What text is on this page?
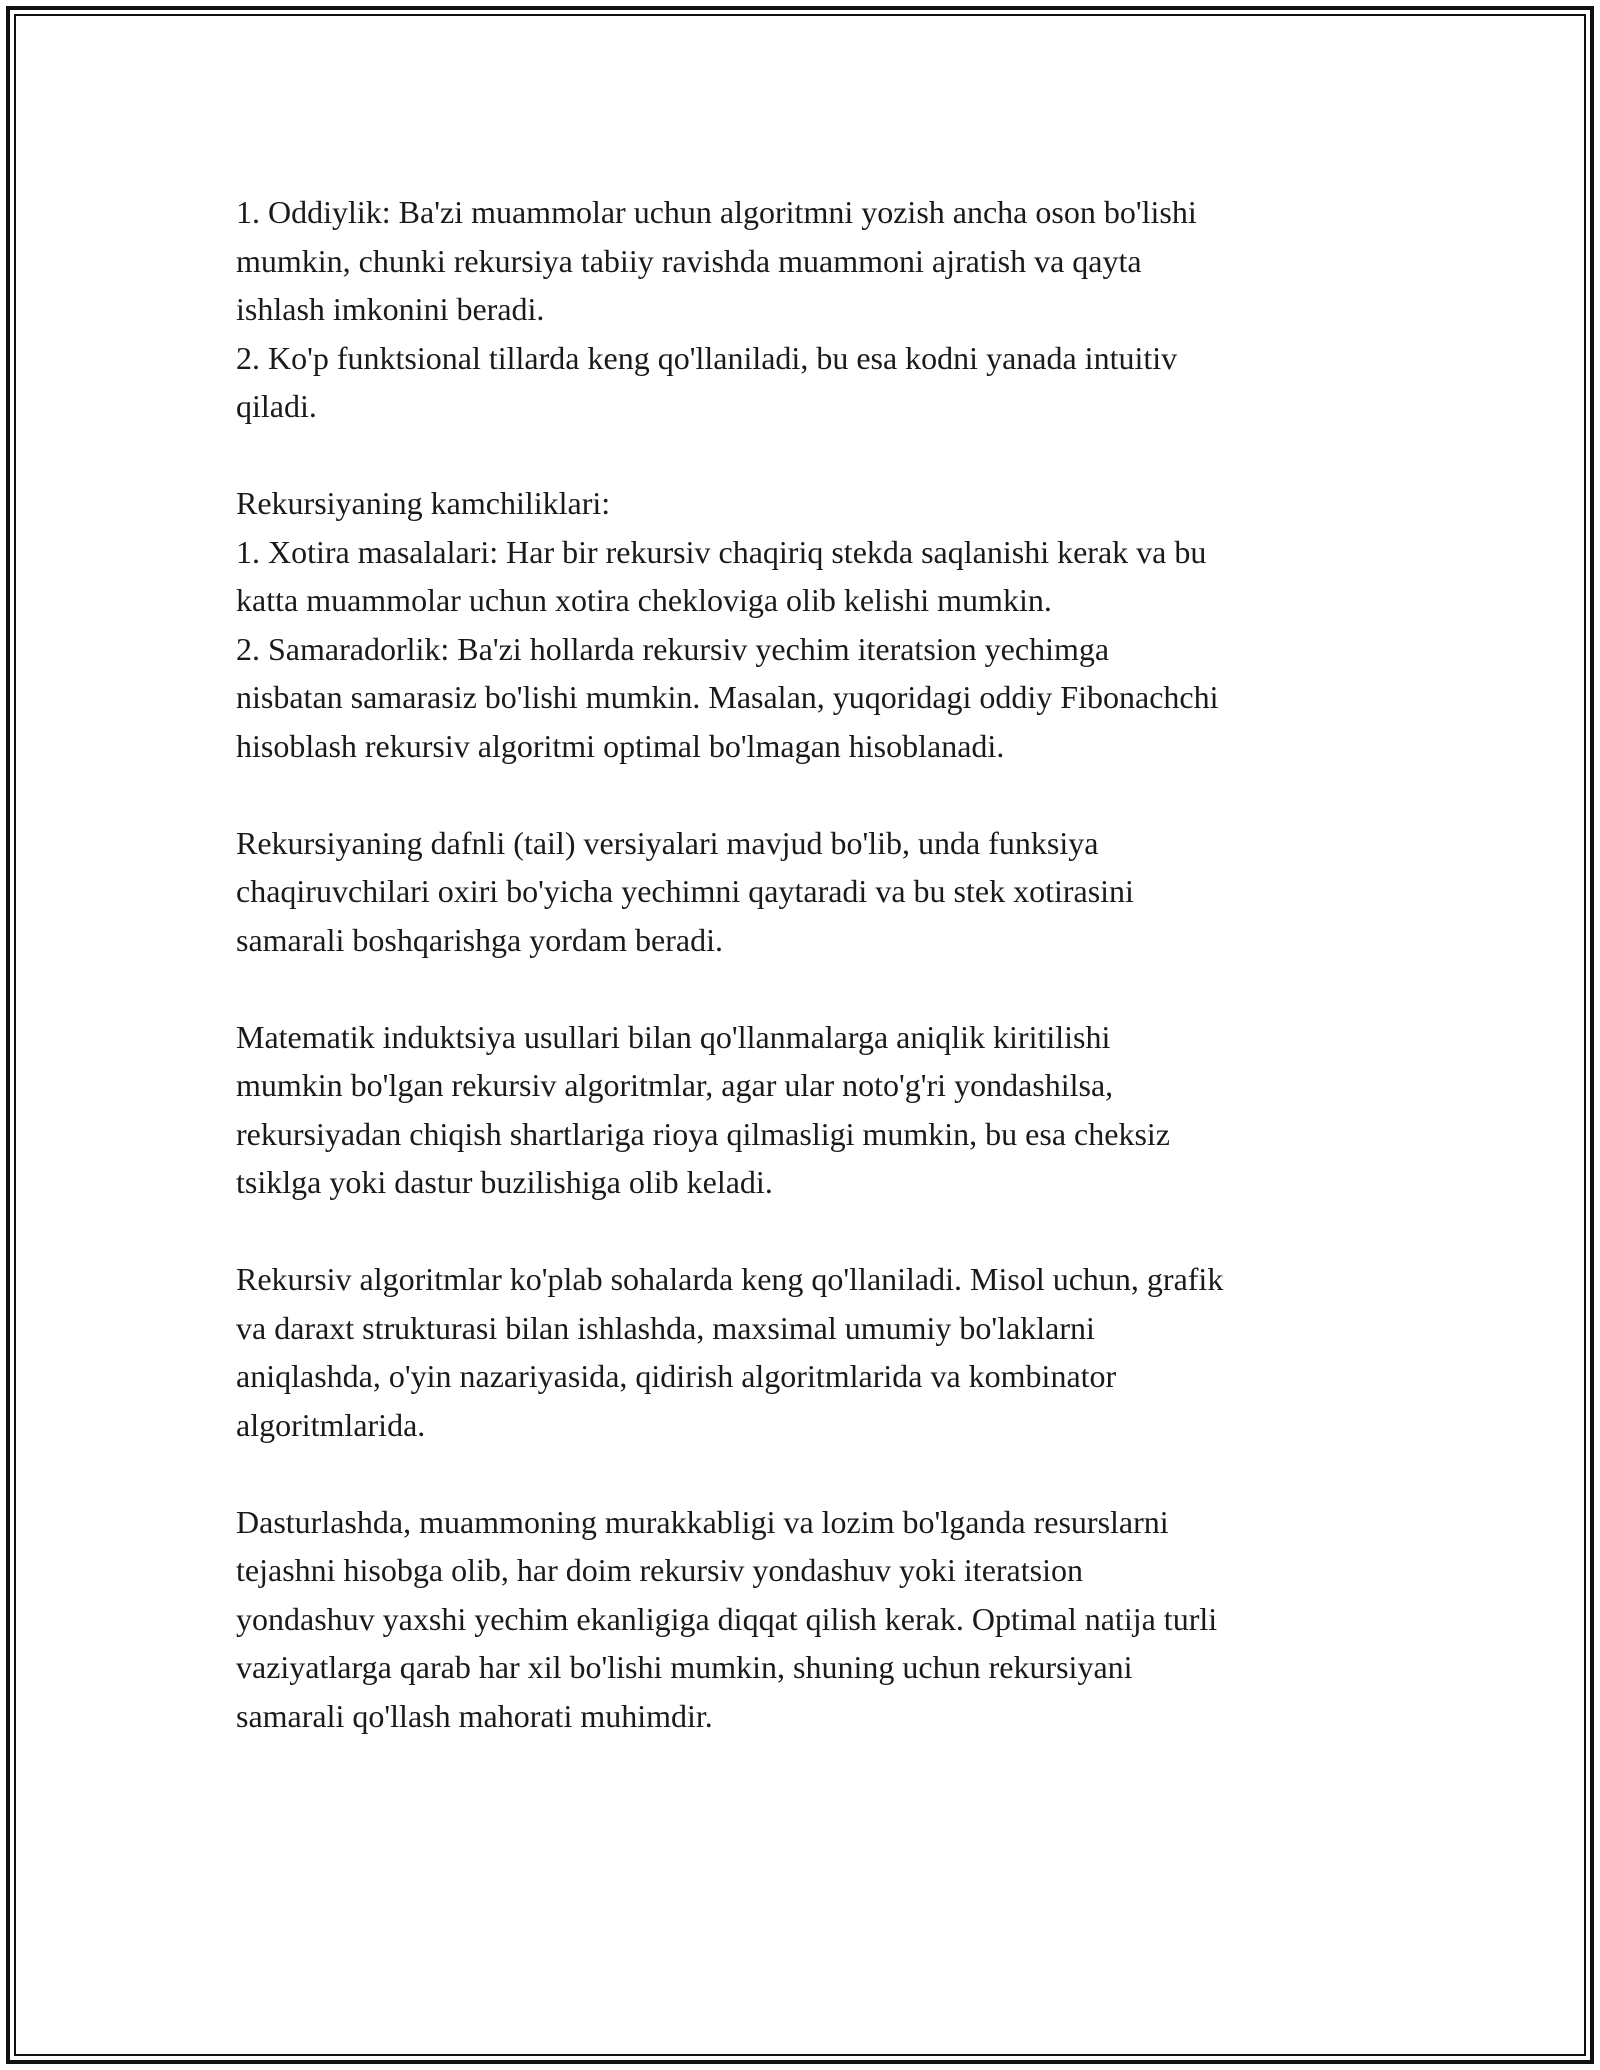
1. Oddiylik: Ba'zi muammolar uchun algoritmni yozish ancha oson bo'lishi
mumkin, chunki rekursiya tabiiy ravishda muammoni ajratish va qayta
ishlash imkonini beradi.
2. Ko'p funktsional tillarda keng qo'llaniladi, bu esa kodni yanada intuitiv
qiladi.

Rekursiyaning kamchiliklari:
1. Xotira masalalari: Har bir rekursiv chaqiriq stekda saqlanishi kerak va bu
katta muammolar uchun xotira chekloviga olib kelishi mumkin.
2. Samaradorlik: Ba'zi hollarda rekursiv yechim iteratsion yechimga
nisbatan samarasiz bo'lishi mumkin. Masalan, yuqoridagi oddiy Fibonachchi
hisoblash rekursiv algoritmi optimal bo'lmagan hisoblanadi.

Rekursiyaning dafnli (tail) versiyalari mavjud bo'lib, unda funksiya
chaqiruvchilari oxiri bo'yicha yechimni qaytaradi va bu stek xotirasini
samarali boshqarishga yordam beradi.

Matematik induktsiya usullari bilan qo'llanmalarga aniqlik kiritilishi
mumkin bo'lgan rekursiv algoritmlar, agar ular noto'g'ri yondashilsa,
rekursiyadan chiqish shartlariga rioya qilmasligi mumkin, bu esa cheksiz
tsiklga yoki dastur buzilishiga olib keladi.

Rekursiv algoritmlar ko'plab sohalarda keng qo'llaniladi. Misol uchun, grafik
va daraxt strukturasi bilan ishlashda, maxsimal umumiy bo'laklarni
aniqlashda, o'yin nazariyasida, qidirish algoritmlarida va kombinator
algoritmlarida.

Dasturlashda, muammoning murakkabligi va lozim bo'lganda resurslarni
tejashni hisobga olib, har doim rekursiv yondashuv yoki iteratsion
yondashuv yaxshi yechim ekanligiga diqqat qilish kerak. Optimal natija turli
vaziyatlarga qarab har xil bo'lishi mumkin, shuning uchun rekursiyani
samarali qo'llash mahorati muhimdir.
